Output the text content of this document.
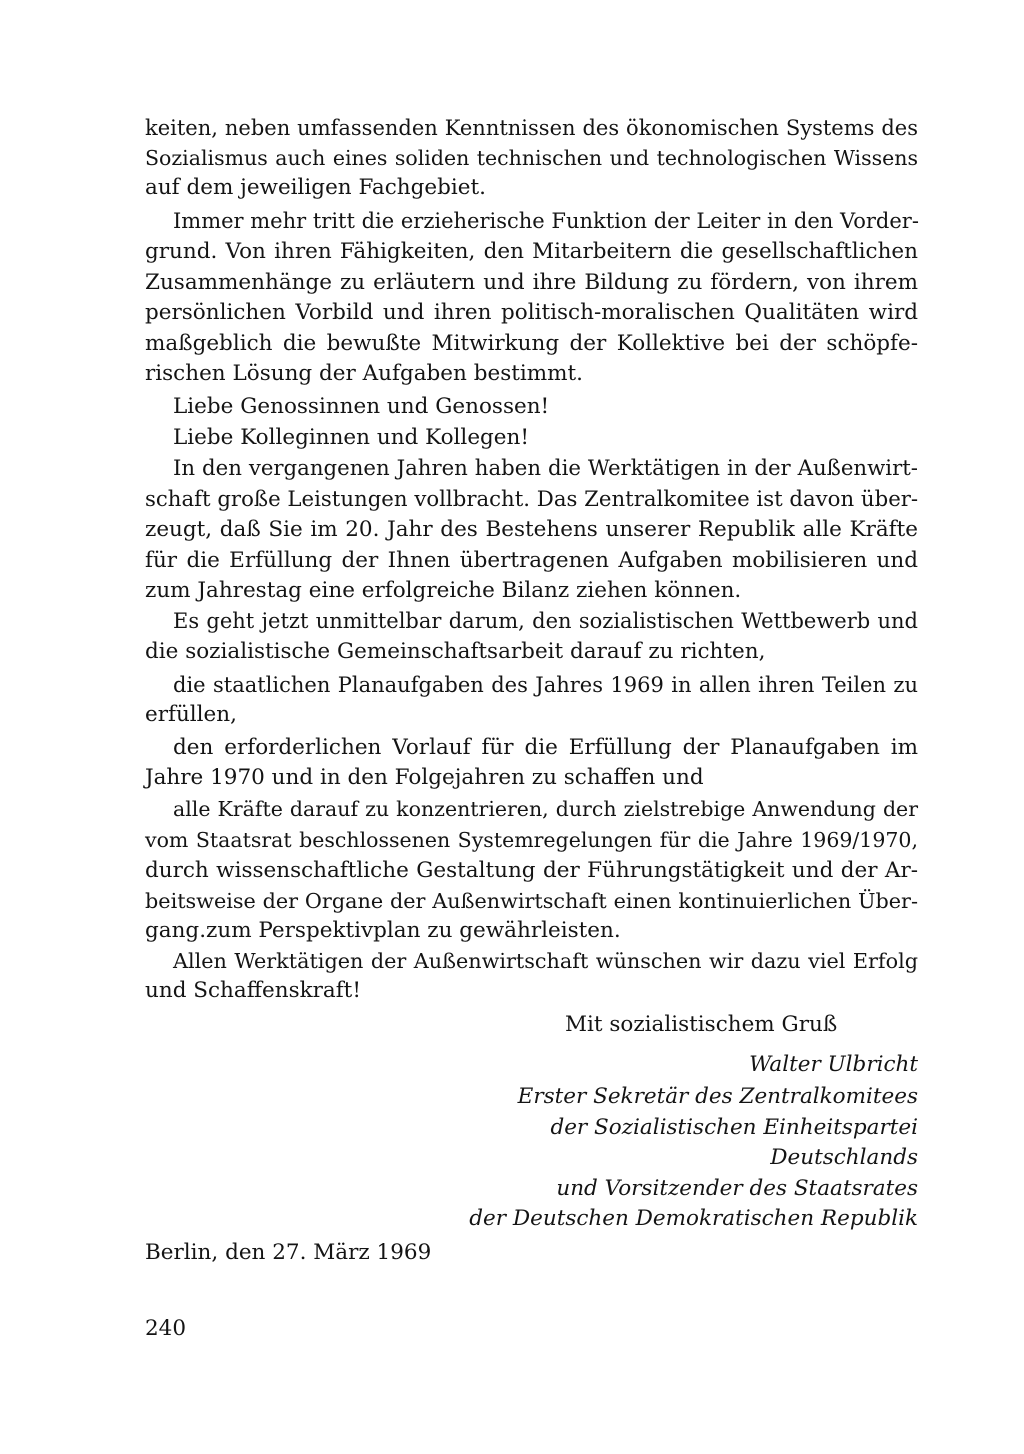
keiten, neben umfassenden Kenntnissen des ökonomischen Systems des
Sozialismus auch eines soliden technischen und technologischen Wissens
auf dem jeweiligen Fachgebiet.
Immer mehr tritt die erzieherische Funktion der Leiter in den Vorder-
grund. Von ihren Fähigkeiten, den Mitarbeitern die gesellschaftlichen
Zusammenhänge zu erläutern und ihre Bildung zu fördern, von ihrem
persönlichen Vorbild und ihren politisch-moralischen Qualitäten wird
maßgeblich die bewußte Mitwirkung der Kollektive bei der schöpfe-
rischen Lösung der Aufgaben bestimmt.
Liebe Genossinnen und Genossen!
Liebe Kolleginnen und Kollegen!
In den vergangenen Jahren haben die Werktätigen in der Außenwirt-
schaft große Leistungen vollbracht. Das Zentralkomitee ist davon über-
zeugt, daß Sie im 20. Jahr des Bestehens unserer Republik alle Kräfte
für die Erfüllung der Ihnen übertragenen Aufgaben mobilisieren und
zum Jahrestag eine erfolgreiche Bilanz ziehen können.
Es geht jetzt unmittelbar darum, den sozialistischen Wettbewerb und
die sozialistische Gemeinschaftsarbeit darauf zu richten,
die staatlichen Planaufgaben des Jahres 1969 in allen ihren Teilen zu
erfüllen,
den erforderlichen Vorlauf für die Erfüllung der Planaufgaben im
Jahre 1970 und in den Folgejahren zu schaffen und
alle Kräfte darauf zu konzentrieren, durch zielstrebige Anwendung der
vom Staatsrat beschlossenen Systemregelungen für die Jahre 1969/1970,
durch wissenschaftliche Gestaltung der Führungstätigkeit und der Ar-
beitsweise der Organe der Außenwirtschaft einen kontinuierlichen Über-
gang.zum Perspektivplan zu gewährleisten.
Allen Werktätigen der Außenwirtschaft wünschen wir dazu viel Erfolg
und Schaffenskraft!
Mit sozialistischem Gruß
Walter Ulbricht
Erster Sekretär des Zentralkomitees
der Sozialistischen Einheitspartei
Deutschlands
und Vorsitzender des Staatsrates
der Deutschen Demokratischen Republik
Berlin, den 27. März 1969
240
